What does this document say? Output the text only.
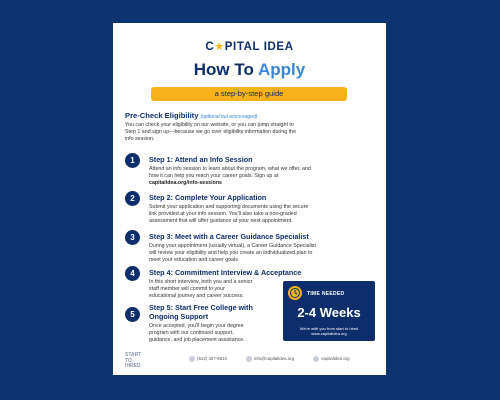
C★PITAL IDEA
How To Apply
a step-by-step guide
Pre-Check Eligibility (optional but encouraged)
You can check your eligibility on our website, or you can jump straight to
Step 1 and sign up—because we go over eligibility information during the
info session.
1	Step 1: Attend an Info Session
Attend an info session to learn about the program, what we offer, and
how it can help you reach your career goals. Sign up at
capitalidea.org/info-sessions
2	Step 2: Complete Your Application
Submit your application and supporting documents using the secure
link provided at your info session. You'll also take a non-graded
assessment that will offer guidance at your next appointment.
3	Step 3: Meet with a Career Guidance Specialist
During your appointment (usually virtual), a Career Guidance Specialist
will review your eligibility and help you create an individualized plan to
meet your education and career goals.
4	Step 4: Commitment Interview & Acceptance
In this short interview, both you and a senior
staff member will commit to your
educational journey and career success.
5
Step 5: Start Free College with
Ongoing Support
Once accepted, you'll begin your degree
program with our continued support,
guidance, and job placement assistance.
TIME NEEDED
2-4 Weeks
We're with you from start to hired
www.capitalidea.org
START
TO
HIRED
(512) 457-8610	info@capitalidea.org	capitalidea.org
